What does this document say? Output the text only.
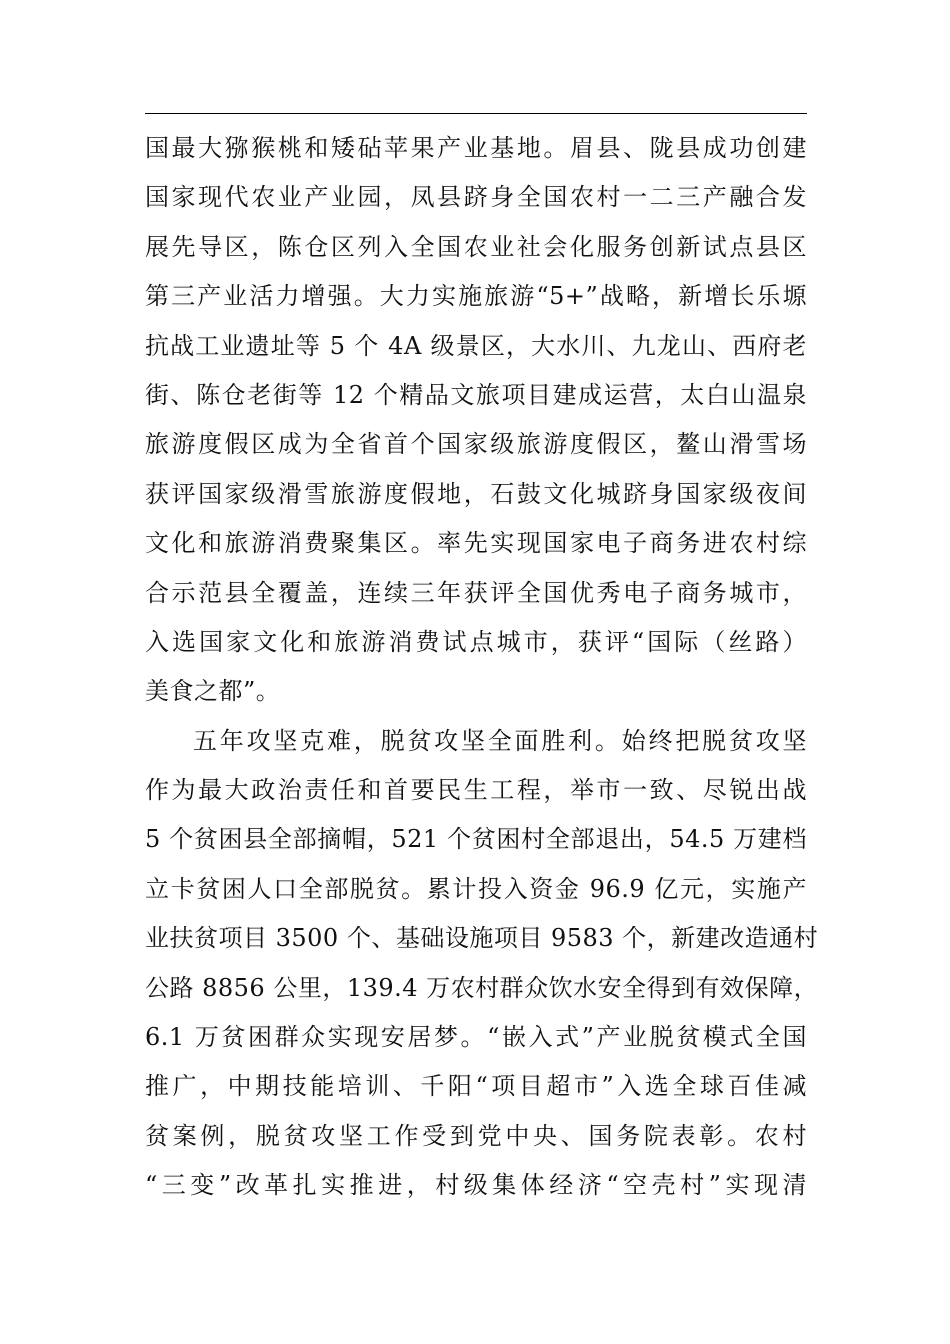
国最大猕猴桃和矮砧苹果产业基地。眉县、陇县成功创建
国家现代农业产业园，凤县跻身全国农村一二三产融合发
展先导区，陈仓区列入全国农业社会化服务创新试点县区
第三产业活力增强。大力实施旅游“5+”战略，新增长乐塬
抗战工业遗址等 5 个 4A 级景区，大水川、九龙山、西府老
街、陈仓老街等 12 个精品文旅项目建成运营，太白山温泉
旅游度假区成为全省首个国家级旅游度假区，鳌山滑雪场
获评国家级滑雪旅游度假地，石鼓文化城跻身国家级夜间
文化和旅游消费聚集区。率先实现国家电子商务进农村综
合示范县全覆盖，连续三年获评全国优秀电子商务城市，
入选国家文化和旅游消费试点城市，获评“国际（丝路）
美食之都”。
五年攻坚克难，脱贫攻坚全面胜利。始终把脱贫攻坚
作为最大政治责任和首要民生工程，举市一致、尽锐出战
5 个贫困县全部摘帽，521 个贫困村全部退出，54.5 万建档
立卡贫困人口全部脱贫。累计投入资金 96.9 亿元，实施产
业扶贫项目 3500 个、基础设施项目 9583 个，新建改造通村
公路 8856 公里，139.4 万农村群众饮水安全得到有效保障，
6.1 万贫困群众实现安居梦。“嵌入式”产业脱贫模式全国
推广，中期技能培训、千阳“项目超市”入选全球百佳减
贫案例，脱贫攻坚工作受到党中央、国务院表彰。农村
“三变”改革扎实推进，村级集体经济“空壳村”实现清
